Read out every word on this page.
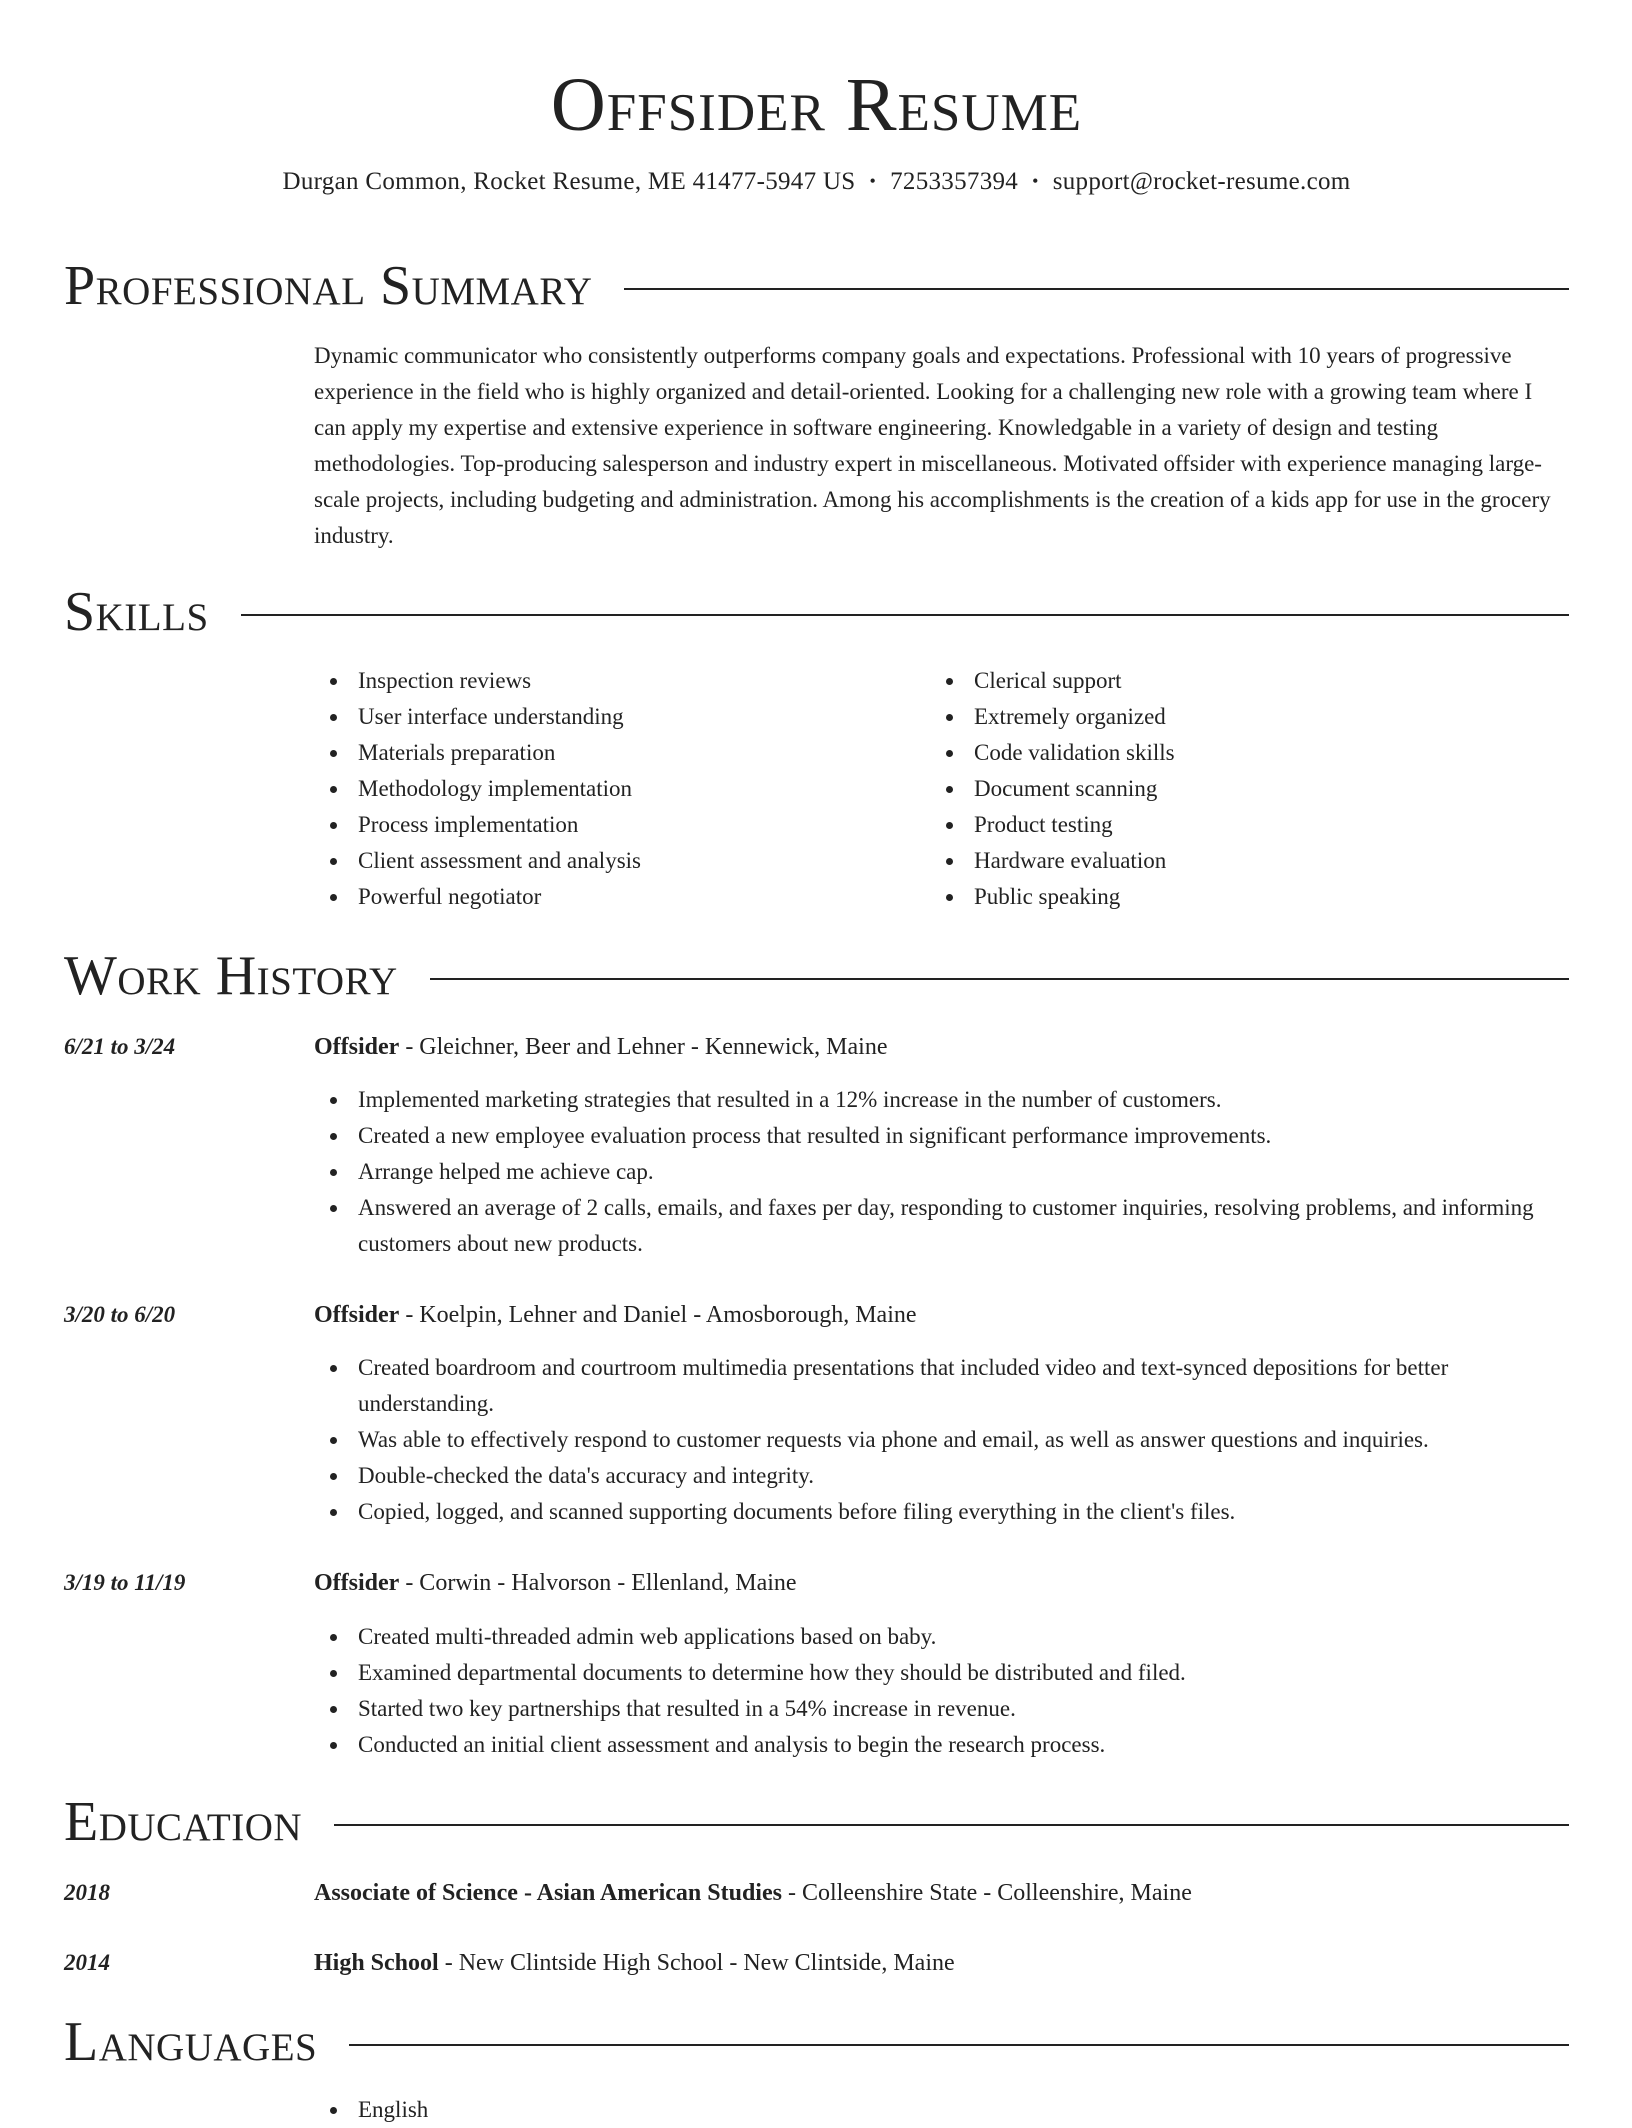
Offsider Resume
Durgan Common, Rocket Resume, ME 41477-5947 US • 7253357394 • support@rocket-resume.com
Professional Summary
Dynamic communicator who consistently outperforms company goals and expectations. Professional with 10 years of progressive experience in the field who is highly organized and detail-oriented. Looking for a challenging new role with a growing team where I can apply my expertise and extensive experience in software engineering. Knowledgable in a variety of design and testing methodologies. Top-producing salesperson and industry expert in miscellaneous. Motivated offsider with experience managing large-scale projects, including budgeting and administration. Among his accomplishments is the creation of a kids app for use in the grocery industry.
Skills
Inspection reviews
User interface understanding
Materials preparation
Methodology implementation
Process implementation
Client assessment and analysis
Powerful negotiator
Clerical support
Extremely organized
Code validation skills
Document scanning
Product testing
Hardware evaluation
Public speaking
Work History
6/21 to 3/24	Offsider - Gleichner, Beer and Lehner - Kennewick, Maine
Implemented marketing strategies that resulted in a 12% increase in the number of customers.
Created a new employee evaluation process that resulted in significant performance improvements.
Arrange helped me achieve cap.
Answered an average of 2 calls, emails, and faxes per day, responding to customer inquiries, resolving problems, and informing customers about new products.
3/20 to 6/20	Offsider - Koelpin, Lehner and Daniel - Amosborough, Maine
Created boardroom and courtroom multimedia presentations that included video and text-synced depositions for better understanding.
Was able to effectively respond to customer requests via phone and email, as well as answer questions and inquiries.
Double-checked the data's accuracy and integrity.
Copied, logged, and scanned supporting documents before filing everything in the client's files.
3/19 to 11/19	Offsider - Corwin - Halvorson - Ellenland, Maine
Created multi-threaded admin web applications based on baby.
Examined departmental documents to determine how they should be distributed and filed.
Started two key partnerships that resulted in a 54% increase in revenue.
Conducted an initial client assessment and analysis to begin the research process.
Education
2018	Associate of Science - Asian American Studies - Colleenshire State - Colleenshire, Maine
2014	High School - New Clintside High School - New Clintside, Maine
Languages
English
